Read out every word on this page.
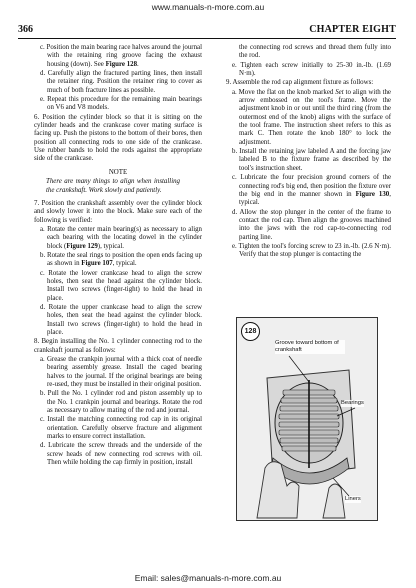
www.manuals-n-more.com.au
366	CHAPTER EIGHT

c. Position the main bearing race halves around the journal with the retaining ring groove facing the exhaust housing (down). See Figure 128.

d. Carefully align the fractured parting lines, then install the retainer ring. Position the retainer ring to cover as much of both fracture lines as possible.

e. Repeat this procedure for the remaining main bearings on V6 and V8 models.

6. Position the cylinder block so that it is sitting on the cylinder heads and the crankcase cover mating surface is facing up. Push the pistons to the bottom of their bores, then position all connecting rods to one side of the crankcase. Use rubber bands to hold the rods against the appropriate side of the crankcase.

NOTE

There are many things to align when installing the crankshaft. Work slowly and patiently.

7. Position the crankshaft assembly over the cylinder block and slowly lower it into the block. Make sure each of the following is verified:

a. Rotate the center main bearing(s) as necessary to align each bearing with the locating dowel in the cylinder block (Figure 129), typical.

b. Rotate the seal rings to position the open ends facing up as shown in Figure 107, typical.

c. Rotate the lower crankcase head to align the screw holes, then seat the head against the cylinder block. Install two screws (finger-tight) to hold the head in place.

d. Rotate the upper crankcase head to align the screw holes, then seat the head against the cylinder block. Install two screws (finger-tight) to hold the head in place.

8. Begin installing the No. 1 cylinder connecting rod to the crankshaft journal as follows:

a. Grease the crankpin journal with a thick coat of needle bearing assembly grease. Install the caged bearing halves to the journal. If the original bearings are being re-used, they must be installed in their original position.

b. Pull the No. 1 cylinder rod and piston assembly up to the No. 1 crankpin journal and bearings. Rotate the rod as necessary to allow mating of the rod and journal.

c. Install the matching connecting rod cap in its original orientation. Carefully observe fracture and alignment marks to ensure correct installation.

d. Lubricate the screw threads and the underside of the screw heads of new connecting rod screws with oil. Then while holding the cap firmly in position, install

the connecting rod screws and thread them fully into the rod.

e. Tighten each screw initially to 25-30 in.-lb. (1.69 N·m).

9. Assemble the rod cap alignment fixture as follows:

a. Move the flat on the knob marked Set to align with the arrow embossed on the tool's frame. Move the adjustment knob in or out until the third ring (from the outermost end of the knob) aligns with the surface of the tool frame. The instruction sheet refers to this as mark C. Then rotate the knob 180° to lock the adjustment.

b. Install the retaining jaw labeled A and the forcing jaw labeled B to the fixture frame as described by the tool's instruction sheet.

c. Lubricate the four precision ground corners of the connecting rod's big end, then position the fixture over the big end in the manner shown in Figure 130, typical.

d. Allow the stop plunger in the center of the frame to contact the rod cap. Then align the grooves machined into the jaws with the rod cap-to-connecting rod parting line.

e. Tighten the tool's forcing screw to 23 in.-lb. (2.6 N·m). Verify that the stop plunger is contacting the

128
Groove toward bottom of crankshaft
Bearings
Liners
Email: sales@manuals-n-more.com.au
